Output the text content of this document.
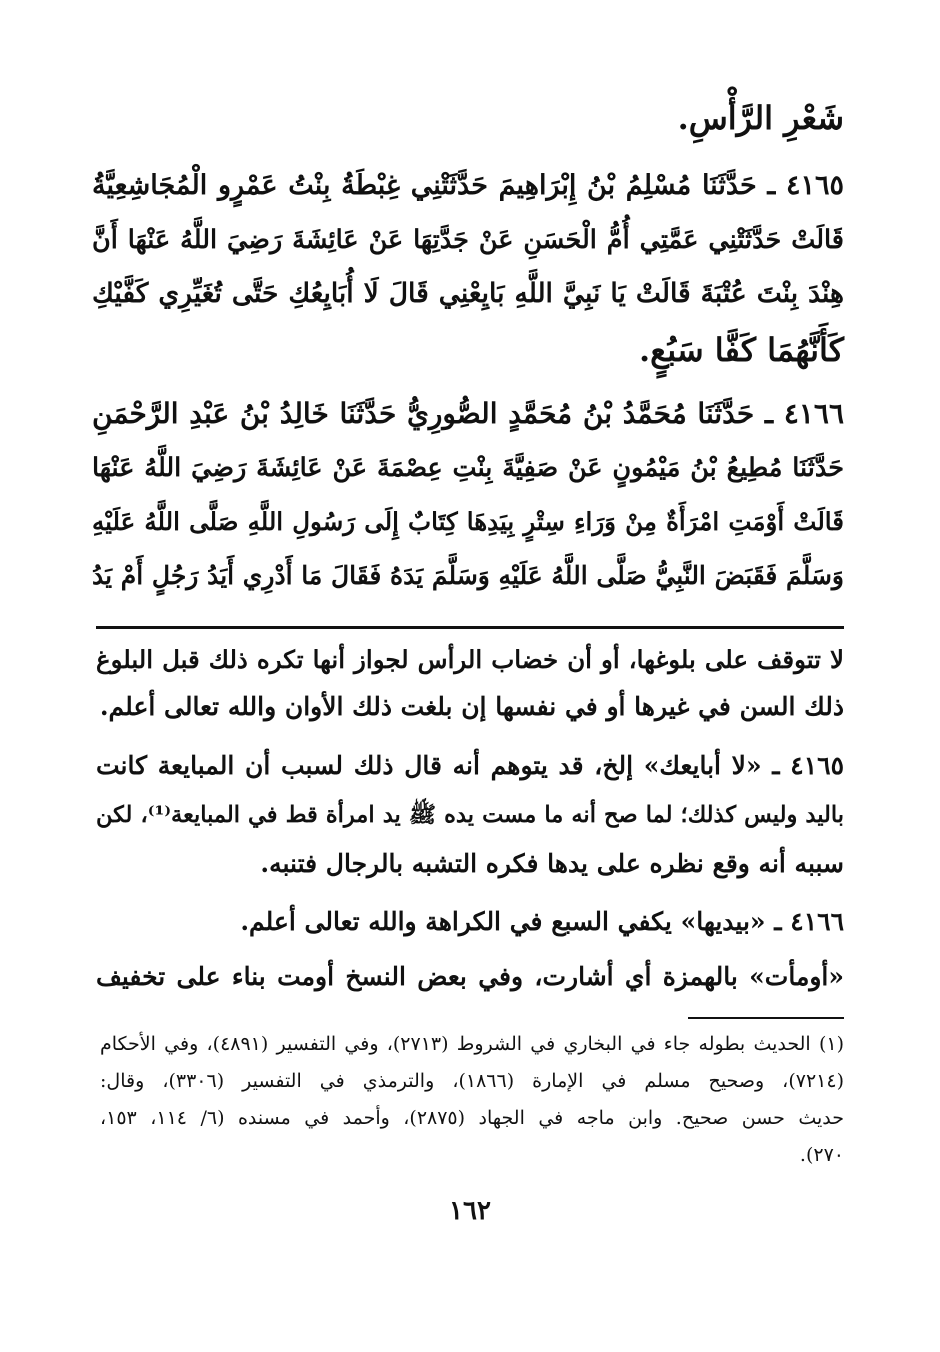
شَعْرِ الرَّأْسِ.
٤١٦٥ ـ حَدَّثَنَا مُسْلِمُ بْنُ إِبْرَاهِيمَ حَدَّثَتْنِي غِبْطَةُ بِنْتُ عَمْرٍو الْمُجَاشِعِيَّةُ
قَالَتْ حَدَّثَتْنِي عَمَّتِي أُمُّ الْحَسَنِ عَنْ جَدَّتِهَا عَنْ عَائِشَةَ رَضِيَ اللَّهُ عَنْهَا أَنَّ
هِنْدَ بِنْتَ عُتْبَةَ قَالَتْ يَا نَبِيَّ اللَّهِ بَايِعْنِي قَالَ لَا أُبَايِعُكِ حَتَّى تُغَيِّرِي كَفَّيْكِ
كَأَنَّهُمَا كَفَّا سَبُعٍ.
٤١٦٦ ـ حَدَّثَنَا مُحَمَّدُ بْنُ مُحَمَّدٍ الصُّورِيُّ حَدَّثَنَا خَالِدُ بْنُ عَبْدِ الرَّحْمَنِ
حَدَّثَنَا مُطِيعُ بْنُ مَيْمُونٍ عَنْ صَفِيَّةَ بِنْتِ عِصْمَةَ عَنْ عَائِشَةَ رَضِيَ اللَّهُ عَنْهَا
قَالَتْ أَوْمَتِ امْرَأَةٌ مِنْ وَرَاءِ سِتْرٍ بِيَدِهَا كِتَابٌ إِلَى رَسُولِ اللَّهِ صَلَّى اللَّهُ عَلَيْهِ
وَسَلَّمَ فَقَبَضَ النَّبِيُّ صَلَّى اللَّهُ عَلَيْهِ وَسَلَّمَ يَدَهُ فَقَالَ مَا أَدْرِي أَيَدُ رَجُلٍ أَمْ يَدُ
لا تتوقف على بلوغها، أو أن خضاب الرأس لجواز أنها تكره ذلك قبل البلوغ
ذلك السن في غيرها أو في نفسها إن بلغت ذلك الأوان والله تعالى أعلم.
٤١٦٥ ـ «لا أبايعك» إلخ، قد يتوهم أنه قال ذلك لسبب أن المبايعة كانت
باليد وليس كذلك؛ لما صح أنه ما مست يده ﷺ يد امرأة قط في المبايعة⁽¹⁾، لكن
سببه أنه وقع نظره على يدها فكره التشبه بالرجال فتنبه.
٤١٦٦ ـ «بيديها» يكفي السبع في الكراهة والله تعالى أعلم.
«أومأت» بالهمزة أي أشارت، وفي بعض النسخ أومت بناء على تخفيف
(١) الحديث بطوله جاء في البخاري في الشروط (٢٧١٣)، وفي التفسير (٤٨٩١)، وفي الأحكام
(٧٢١٤)، وصحيح مسلم في الإمارة (١٨٦٦)، والترمذي في التفسير (٣٣٠٦)، وقال:
حديث حسن صحيح. وابن ماجه في الجهاد (٢٨٧٥)، وأحمد في مسنده (٦/ ١١٤، ١٥٣،
٢٧٠).
١٦٢
